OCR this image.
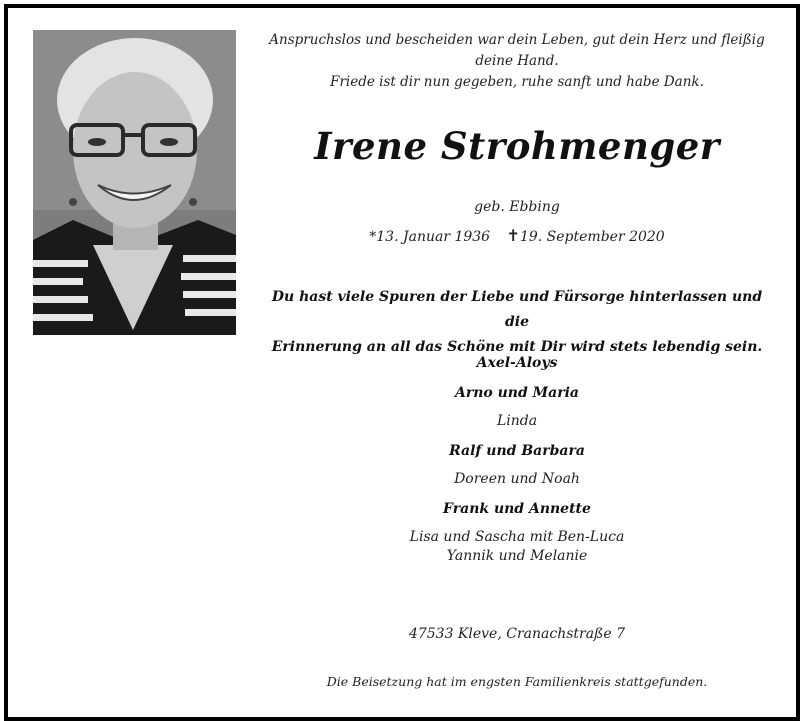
Anspruchslos und bescheiden war dein Leben, gut dein Herz und fleißig deine Hand.
Friede ist dir nun gegeben, ruhe sanft und habe Dank.
Irene Strohmenger
geb. Ebbing
*13. Januar 1936 ✝19. September 2020
Du hast viele Spuren der Liebe und Fürsorge hinterlassen und die
Erinnerung an all das Schöne mit Dir wird stets lebendig sein.
Axel-Aloys
Arno und Maria
Linda
Ralf und Barbara
Doreen und Noah
Frank und Annette
Lisa und Sascha mit Ben-Luca
Yannik und Melanie
47533 Kleve, Cranachstraße 7
Die Beisetzung hat im engsten Familienkreis stattgefunden.
